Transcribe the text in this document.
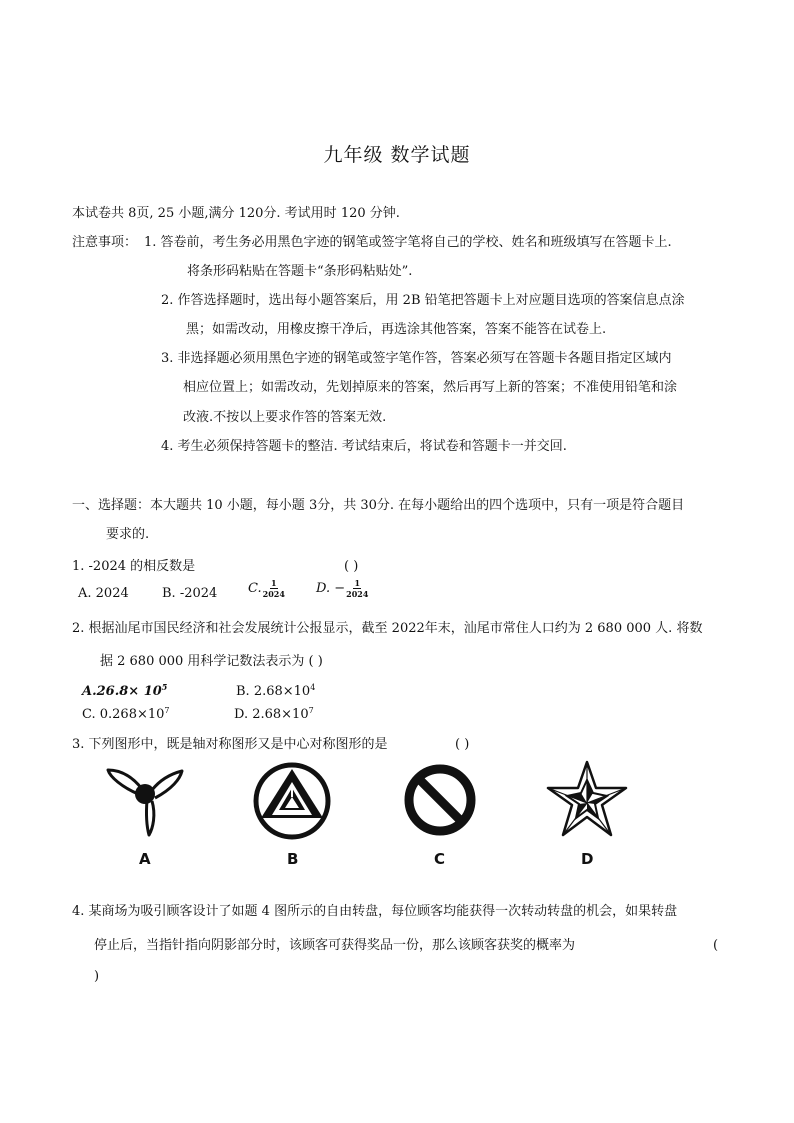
九年级 数学试题
本试卷共 8页, 25 小题,满分 120分. 考试用时 120 分钟.
注意事项： 1. 答卷前，考生务必用黑色字迹的钢笔或签字笔将自己的学校、姓名和班级填写在答题卡上.
将条形码粘贴在答题卡“条形码粘贴处”.
2. 作答选择题时，选出每小题答案后，用 2B 铅笔把答题卡上对应题目选项的答案信息点涂
黑；如需改动，用橡皮擦干净后，再选涂其他答案，答案不能答在试卷上.
3. 非选择题必须用黑色字迹的钢笔或签字笔作答，答案必须写在答题卡各题目指定区域内
相应位置上；如需改动，先划掉原来的答案，然后再写上新的答案；不准使用铅笔和涂
改液.不按以上要求作答的答案无效.
4. 考生必须保持答题卡的整洁. 考试结束后，将试卷和答题卡一并交回.
一、选择题：本大题共 10 小题，每小题 3分，共 30分. 在每小题给出的四个选项中，只有一项是符合题目
要求的.
1. -2024 的相反数是	( )
A. 2024	B. -2024 C. $\frac{1}{2024} D$. − $\frac{1}{2024}$
2. 根据汕尾市国民经济和社会发展统计公报显示，截至 2022年末，汕尾市常住人口约为 2 680 000 人. 将数
据 2 680 000 用科学记数法表示为 ( )
$A.26.8\times 10^5$	B. $2.68\times 10^4$
C. $0.268\times 10^7$	D. $2.68\times 10^7$
3. 下列图形中，既是轴对称图形又是中心对称图形的是	( )
A	B	C	D
4. 某商场为吸引顾客设计了如题 4 图所示的自由转盘，每位顾客均能获得一次转动转盘的机会，如果转盘
停止后，当指针指向阴影部分时，该顾客可获得奖品一份，那么该顾客获奖的概率为	(
)
